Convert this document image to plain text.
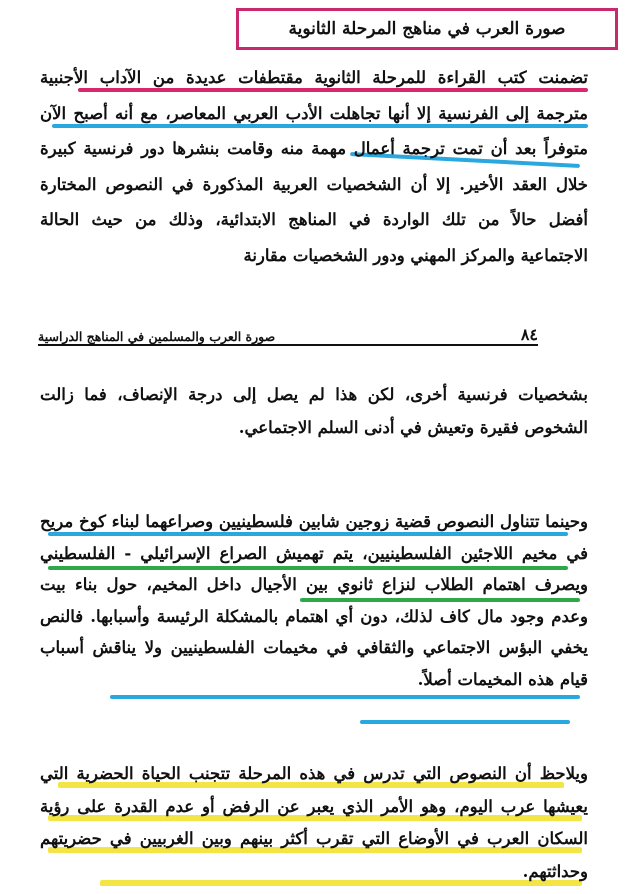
صورة العرب في مناهج المرحلة الثانوية

تضمنت كتب القراءة للمرحلة الثانوية مقتطفات عديدة من الآداب الأجنبية مترجمة إلى الفرنسية إلا أنها تجاهلت الأدب العربي المعاصر، مع أنه أصبح الآن متوفراً بعد أن تمت ترجمة أعمال مهمة منه وقامت بنشرها دور فرنسية كبيرة خلال العقد الأخير. إلا أن الشخصيات العربية المذكورة في النصوص المختارة أفضل حالاً من تلك الواردة في المناهج الابتدائية، وذلك من حيث الحالة الاجتماعية والمركز المهني ودور الشخصيات مقارنة

٨٤
صورة العرب والمسلمين في المناهج الدراسية

بشخصيات فرنسية أخرى، لكن هذا لم يصل إلى درجة الإنصاف، فما زالت الشخوص فقيرة وتعيش في أدنى السلم الاجتماعي.

وحينما تتناول النصوص قضية زوجين شابين فلسطينيين وصراعهما لبناء كوخ مريح في مخيم اللاجئين الفلسطينيين، يتم تهميش الصراع الإسرائيلي - الفلسطيني ويصرف اهتمام الطلاب لنزاع ثانوي بين الأجيال داخل المخيم، حول بناء بيت وعدم وجود مال كاف لذلك، دون أي اهتمام بالمشكلة الرئيسة وأسبابها. فالنص يخفي البؤس الاجتماعي والثقافي في مخيمات الفلسطينيين ولا يناقش أسباب قيام هذه المخيمات أصلاً.

ويلاحظ أن النصوص التي تدرس في هذه المرحلة تتجنب الحياة الحضرية التي يعيشها عرب اليوم، وهو الأمر الذي يعبر عن الرفض أو عدم القدرة على رؤية السكان العرب في الأوضاع التي تقرب أكثر بينهم وبين الغربيين في حضريتهم وحداثتهم.
